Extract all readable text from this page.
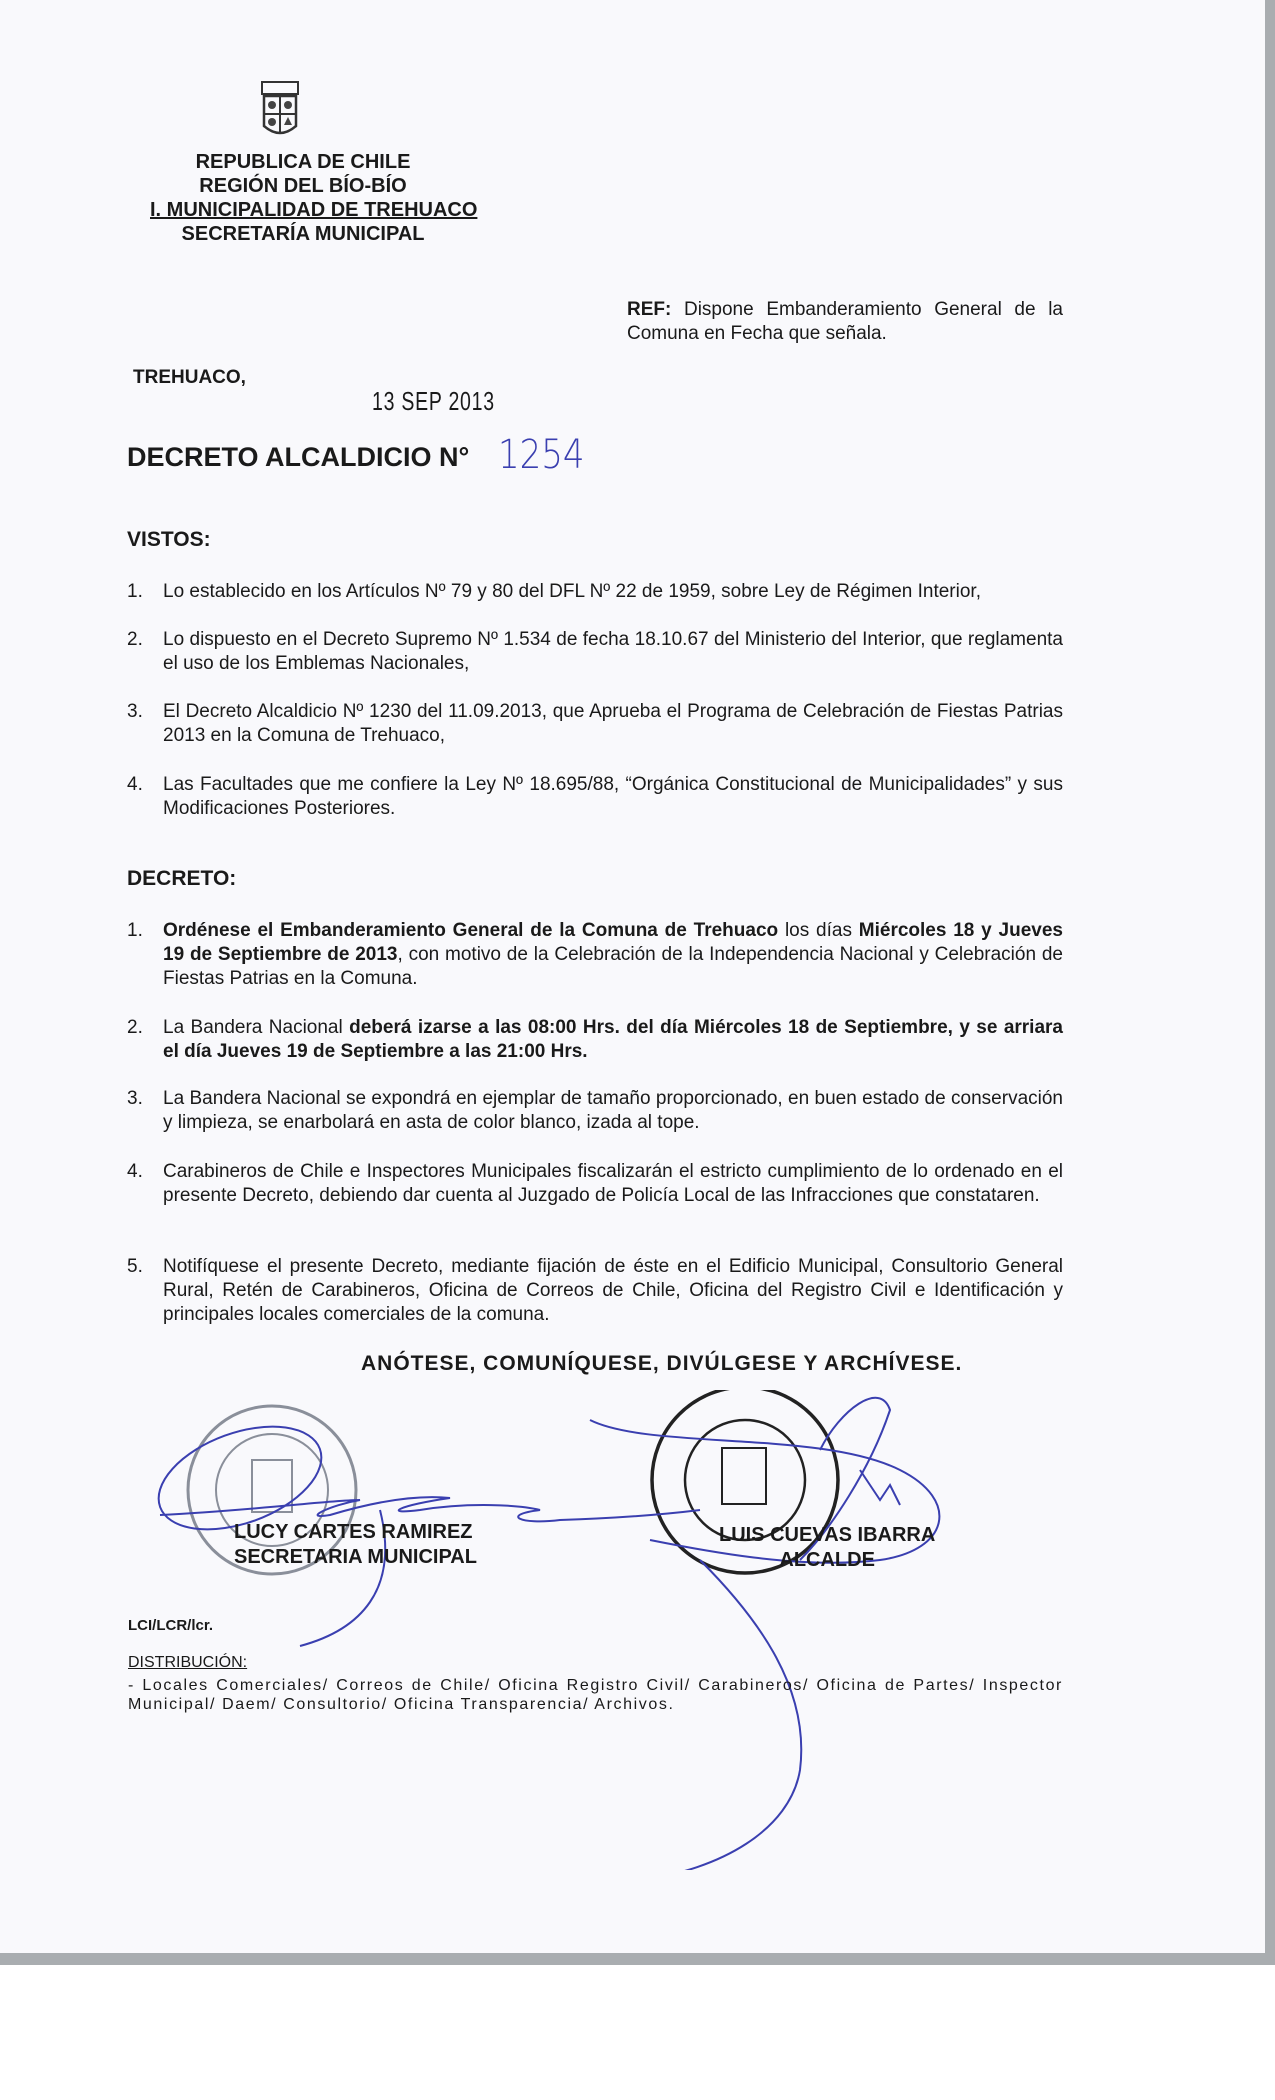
REPUBLICA DE CHILE
REGIÓN DEL BÍO-BÍO
I. MUNICIPALIDAD DE TREHUACO
SECRETARÍA MUNICIPAL
REF: Dispone Embanderamiento General de la Comuna en Fecha que señala.
TREHUACO,
13 SEP 2013
DECRETO ALCALDICIO N° 1254
VISTOS:
1. Lo establecido en los Artículos Nº 79 y 80 del DFL Nº 22 de 1959, sobre Ley de Régimen Interior,
2. Lo dispuesto en el Decreto Supremo Nº 1.534 de fecha 18.10.67 del Ministerio del Interior, que reglamenta el uso de los Emblemas Nacionales,
3. El Decreto Alcaldicio Nº 1230 del 11.09.2013, que Aprueba el Programa de Celebración de Fiestas Patrias 2013 en la Comuna de Trehuaco,
4. Las Facultades que me confiere la Ley Nº 18.695/88, “Orgánica Constitucional de Municipalidades” y sus Modificaciones Posteriores.
DECRETO:
1. Ordénese el Embanderamiento General de la Comuna de Trehuaco los días Miércoles 18 y Jueves 19 de Septiembre de 2013, con motivo de la Celebración de la Independencia Nacional y Celebración de Fiestas Patrias en la Comuna.
2. La Bandera Nacional deberá izarse a las 08:00 Hrs. del día Miércoles 18 de Septiembre, y se arriara el día Jueves 19 de Septiembre a las 21:00 Hrs.
3. La Bandera Nacional se expondrá en ejemplar de tamaño proporcionado, en buen estado de conservación y limpieza, se enarbolará en asta de color blanco, izada al tope.
4. Carabineros de Chile e Inspectores Municipales fiscalizarán el estricto cumplimiento de lo ordenado en el presente Decreto, debiendo dar cuenta al Juzgado de Policía Local de las Infracciones que constataren.
5. Notifíquese el presente Decreto, mediante fijación de éste en el Edificio Municipal, Consultorio General Rural, Retén de Carabineros, Oficina de Correos de Chile, Oficina del Registro Civil e Identificación y principales locales comerciales de la comuna.
ANÓTESE, COMUNÍQUESE, DIVÚLGESE Y ARCHÍVESE.
LUCY CARTES RAMIREZ
SECRETARIA MUNICIPAL
LUIS CUEVAS IBARRA
ALCALDE
LCI/LCR/lcr.
DISTRIBUCIÓN:
- Locales Comerciales/ Correos de Chile/ Oficina Registro Civil/ Carabineros/ Oficina de Partes/ Inspector Municipal/ Daem/ Consultorio/ Oficina Transparencia/ Archivos.
